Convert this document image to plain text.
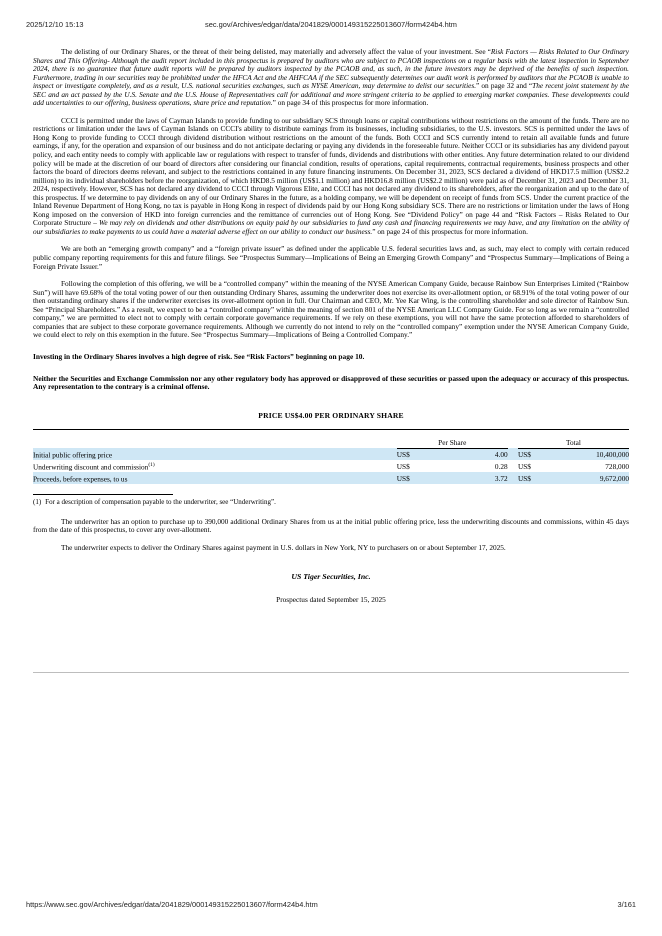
2025/12/10 15:13	sec.gov/Archives/edgar/data/2041829/000149315225013607/form424b4.htm

The delisting of our Ordinary Shares, or the threat of their being delisted, may materially and adversely affect the value of your investment. See “Risk Factors — Risks Related to Our Ordinary Shares and This Offering- Although the audit report included in this prospectus is prepared by auditors who are subject to PCAOB inspections on a regular basis with the latest inspection in September 2024, there is no guarantee that future audit reports will be prepared by auditors inspected by the PCAOB and, as such, in the future investors may be deprived of the benefits of such inspection. Furthermore, trading in our securities may be prohibited under the HFCA Act and the AHFCAA if the SEC subsequently determines our audit work is performed by auditors that the PCAOB is unable to inspect or investigate completely, and as a result, U.S. national securities exchanges, such as NYSE American, may determine to delist our securities.” on page 32 and “The recent joint statement by the SEC and an act passed by the U.S. Senate and the U.S. House of Representatives call for additional and more stringent criteria to be applied to emerging market companies. These developments could add uncertainties to our offering, business operations, share price and reputation.” on page 34 of this prospectus for more information.

CCCI is permitted under the laws of Cayman Islands to provide funding to our subsidiary SCS through loans or capital contributions without restrictions on the amount of the funds. There are no restrictions or limitation under the laws of Cayman Islands on CCCI's ability to distribute earnings from its businesses, including subsidiaries, to the U.S. investors. SCS is permitted under the laws of Hong Kong to provide funding to CCCI through dividend distribution without restrictions on the amount of the funds. Both CCCI and SCS currently intend to retain all available funds and future earnings, if any, for the operation and expansion of our business and do not anticipate declaring or paying any dividends in the foreseeable future. Neither CCCI or its subsidiaries has any dividend payout policy, and each entity needs to comply with applicable law or regulations with respect to transfer of funds, dividends and distributions with other entities. Any future determination related to our dividend policy will be made at the discretion of our board of directors after considering our financial condition, results of operations, capital requirements, contractual requirements, business prospects and other factors the board of directors deems relevant, and subject to the restrictions contained in any future financing instruments. On December 31, 2023, SCS declared a dividend of HKD17.5 million (US$2.2 million) to its individual shareholders before the reorganization, of which HKD8.5 million (US$1.1 million) and HKD16.8 million (US$2.2 million) were paid as of December 31, 2023 and December 31, 2024, respectively. However, SCS has not declared any dividend to CCCI through Vigorous Elite, and CCCI has not declared any dividend to its shareholders, after the reorganization and up to the date of this prospectus. If we determine to pay dividends on any of our Ordinary Shares in the future, as a holding company, we will be dependent on receipt of funds from SCS. Under the current practice of the Inland Revenue Department of Hong Kong, no tax is payable in Hong Kong in respect of dividends paid by our Hong Kong subsidiary SCS. There are no restrictions or limitation under the laws of Hong Kong imposed on the conversion of HKD into foreign currencies and the remittance of currencies out of Hong Kong. See “Dividend Policy” on page 44 and “Risk Factors – Risks Related to Our Corporate Structure – We may rely on dividends and other distributions on equity paid by our subsidiaries to fund any cash and financing requirements we may have, and any limitation on the ability of our subsidiaries to make payments to us could have a material adverse effect on our ability to conduct our business.” on page 24 of this prospectus for more information.

We are both an “emerging growth company” and a “foreign private issuer” as defined under the applicable U.S. federal securities laws and, as such, may elect to comply with certain reduced public company reporting requirements for this and future filings. See “Prospectus Summary—Implications of Being an Emerging Growth Company” and “Prospectus Summary—Implications of Being a Foreign Private Issuer.”

Following the completion of this offering, we will be a “controlled company” within the meaning of the NYSE American Company Guide, because Rainbow Sun Enterprises Limited (“Rainbow Sun”) will have 69.68% of the total voting power of our then outstanding Ordinary Shares, assuming the underwriter does not exercise its over-allotment option, or 68.91% of the total voting power of our then outstanding ordinary shares if the underwriter exercises its over-allotment option in full. Our Chairman and CEO, Mr. Yee Kar Wing, is the controlling shareholder and sole director of Rainbow Sun. See “Principal Shareholders.” As a result, we expect to be a “controlled company” within the meaning of section 801 of the NYSE American LLC Company Guide. For so long as we remain a “controlled company,” we are permitted to elect not to comply with certain corporate governance requirements. If we rely on these exemptions, you will not have the same protection afforded to shareholders of companies that are subject to these corporate governance requirements. Although we currently do not intend to rely on the “controlled company” exemption under the NYSE American Company Guide, we could elect to rely on this exemption in the future. See “Prospectus Summary—Implications of Being a Controlled Company.”

Investing in the Ordinary Shares involves a high degree of risk. See “Risk Factors” beginning on page 10.

Neither the Securities and Exchange Commission nor any other regulatory body has approved or disapproved of these securities or passed upon the adequacy or accuracy of this prospectus. Any representation to the contrary is a criminal offense.

PRICE US$4.00 PER ORDINARY SHARE
		Per Share			Total	
Initial public offering price		US$	4.00		US$	10,400,000
Underwriting discount and commission$^{(1)}$		US$	0.28		US$	728,000
Proceeds, before expenses, to us		US$	3.72		US$	9,672,000

(1) For a description of compensation payable to the underwriter, see “Underwriting”.

The underwriter has an option to purchase up to 390,000 additional Ordinary Shares from us at the initial public offering price, less the underwriting discounts and commissions, within 45 days from the date of this prospectus, to cover any over-allotment.

The underwriter expects to deliver the Ordinary Shares against payment in U.S. dollars in New York, NY to purchasers on or about September 17, 2025.

US Tiger Securities, Inc.
Prospectus dated September 15, 2025
https://www.sec.gov/Archives/edgar/data/2041829/000149315225013607/form424b4.htm	3/161
